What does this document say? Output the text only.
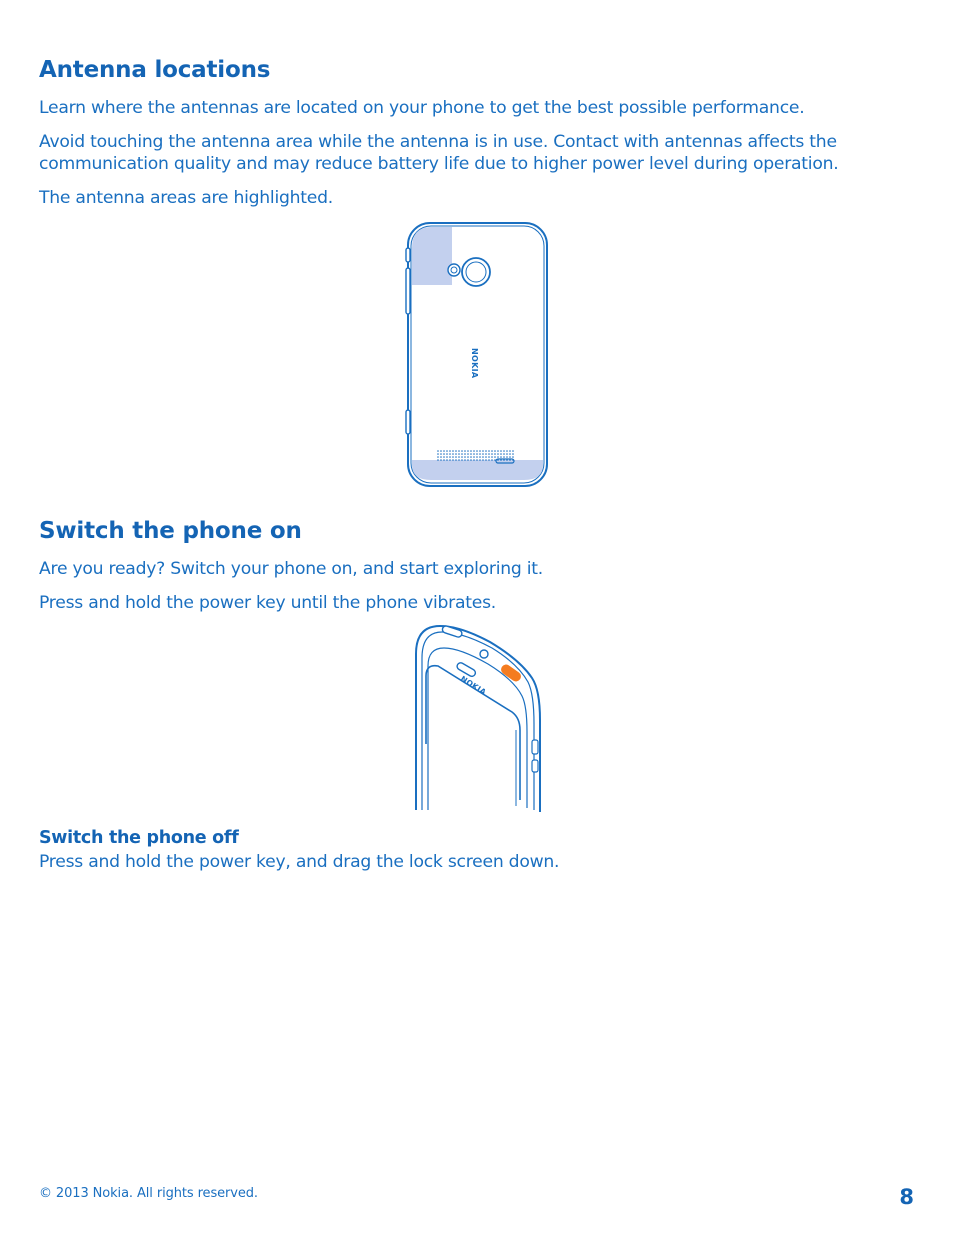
Antenna locations
Learn where the antennas are located on your phone to get the best possible performance.
Avoid touching the antenna area while the antenna is in use. Contact with antennas affects the
communication quality and may reduce battery life due to higher power level during operation.
The antenna areas are highlighted.
NOKIA
Switch the phone on
Are you ready? Switch your phone on, and start exploring it.
Press and hold the power key until the phone vibrates.
NOKIA
Switch the phone off
Press and hold the power key, and drag the lock screen down.
© 2013 Nokia. All rights reserved.	8
